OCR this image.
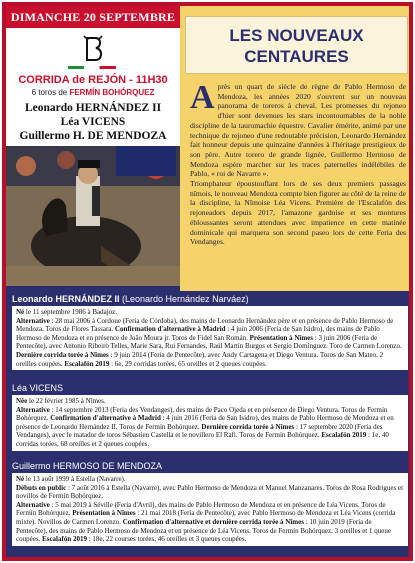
DIMANCHE 20 SEPTEMBRE
CORRIDA de REJÓN - 11H30
6 toros de FERMÍN BOHÓRQUEZ
Leonardo HERNÁNDEZ II
Léa VICENS
Guillermo H. DE MENDOZA
LES NOUVEAUX
CENTAURES
A près un quart de siècle de règne de Pablo Hermoso de Mendoza, les années 2020 s'ouvrent sur un nouveau panorama de toreros à cheval. Les promesses du rejoneo d'hier sont devenues les stars incontournables de la noble discipline de la tauromachie équestre. Cavalier émérite, animé par une technique de rejoneo d'une redoutable précision, Leonardo Hernández fait honneur depuis une quinzaine d'années à l'héritage prestigieux de son père. Autre torero de grande lignée, Guillermo Hermoso de Mendoza espère marcher sur les traces paternelles indélébiles de Pablo, « roi de Navarre ».
Triomphateur époustouflant lors de ses deux premiers passages nîmois, le nouveau Mendoza compte bien figurer au côté de la reine de la discipline, la Nîmoise Léa Vicens. Première de l'Escalafón des rejoneadors depuis 2017, l'amazone gardoise et ses montures ébloussantes seront attendues avec impatience en cette matinée dominicale qui marquera son second paseo lors de cette Feria des Vendanges.
Leonardo HERNÁNDEZ II (Leonardo Hernández Narváez)

Né le 11 septembre 1986 à Badajoz.

Alternative : 28 mai 2006 à Cordoue (Feria de Córdoba), des mains de Leonardo Hernández père et en présence de Pablo Hermoso de Mendoza. Toros de Flores Tassara. Confirmation d'alternative à Madrid : 4 juin 2006 (Feria de San Isidro), des mains de Pablo Hermoso de Mendoza et en présence de João Moura jr. Toros de Fidel San Román. Présentation à Nîmes : 3 juin 2006 (Feria de Pentecôte), avec Antonio Ribeiro Telles, Marie Sara, Rui Fernandes, Raúl Martín Burgos et Sergio Domínguez. Toro de Carmen Lorenzo. Dernière corrida torée à Nîmes : 9 juin 2014 (Feria de Pentecôte), avec Andy Cartagena et Diego Ventura. Toros de San Mateo. 2 oreilles coupées. Escalafón 2019 : 6e, 29 corridas torées, 65 oreilles et 2 queues coupées.

Léa VICENS

Née le 22 février 1985 à Nîmes.

Alternative : 14 septembre 2013 (Feria des Vendanges), des mains de Paco Ojeda et en présence de Diego Ventura. Toros de Fermín Bohórquez. Confirmation d'alternative à Madrid : 4 juin 2016 (Feria de San Isidro), des mains de Pablo Hermoso de Mendoza et en présence de Leonardo Hernández II. Toros de Fermín Bohórquez. Dernière corrida torée à Nîmes : 17 septembre 2020 (Feria des Vendanges), avec le matador de toros Sébastien Castella et le novillero El Rafi. Toros de Fermín Bohórquez. Escalafón 2019 : 1e, 40 corridas torées, 68 oreilles et 2 queues coupées.

Guillermo HERMOSO DE MENDOZA

Né le 13 août 1999 à Estella (Navarre).

Débuts en public : 7 août 2016 à Estella (Navarre), avec Pablo Hermoso de Mendoza et Manuel Manzanares. Toros de Rosa Rodrigues et novillos de Fermín Bohórquez.

Alternative : 5 mai 2019 à Séville (Feria d'Avril), des mains de Pablo Hermoso de Mendoza et en présence de Léa Vicens. Toros de Fermín Bohórquez. Présentation à Nîmes : 21 mai 2018 (Feria de Pentecôte), avec Pablo Hermoso de Mendoza et Léa Vicens (corrida mixte). Novillos de Carmen Lorenzo. Confirmation d'alternative et dernière corrida torée à Nîmes : 10 juin 2019 (Feria de Pentecôte), des mains de Pablo Hermoso de Mendoza et en présence de Léa Vicens. Toros de Fermín Bohórquez. 3 oreilles et 1 queue coupées. Escalafón 2019 : 18e, 22 courses torées, 46 oreilles et 3 queues coupées.
